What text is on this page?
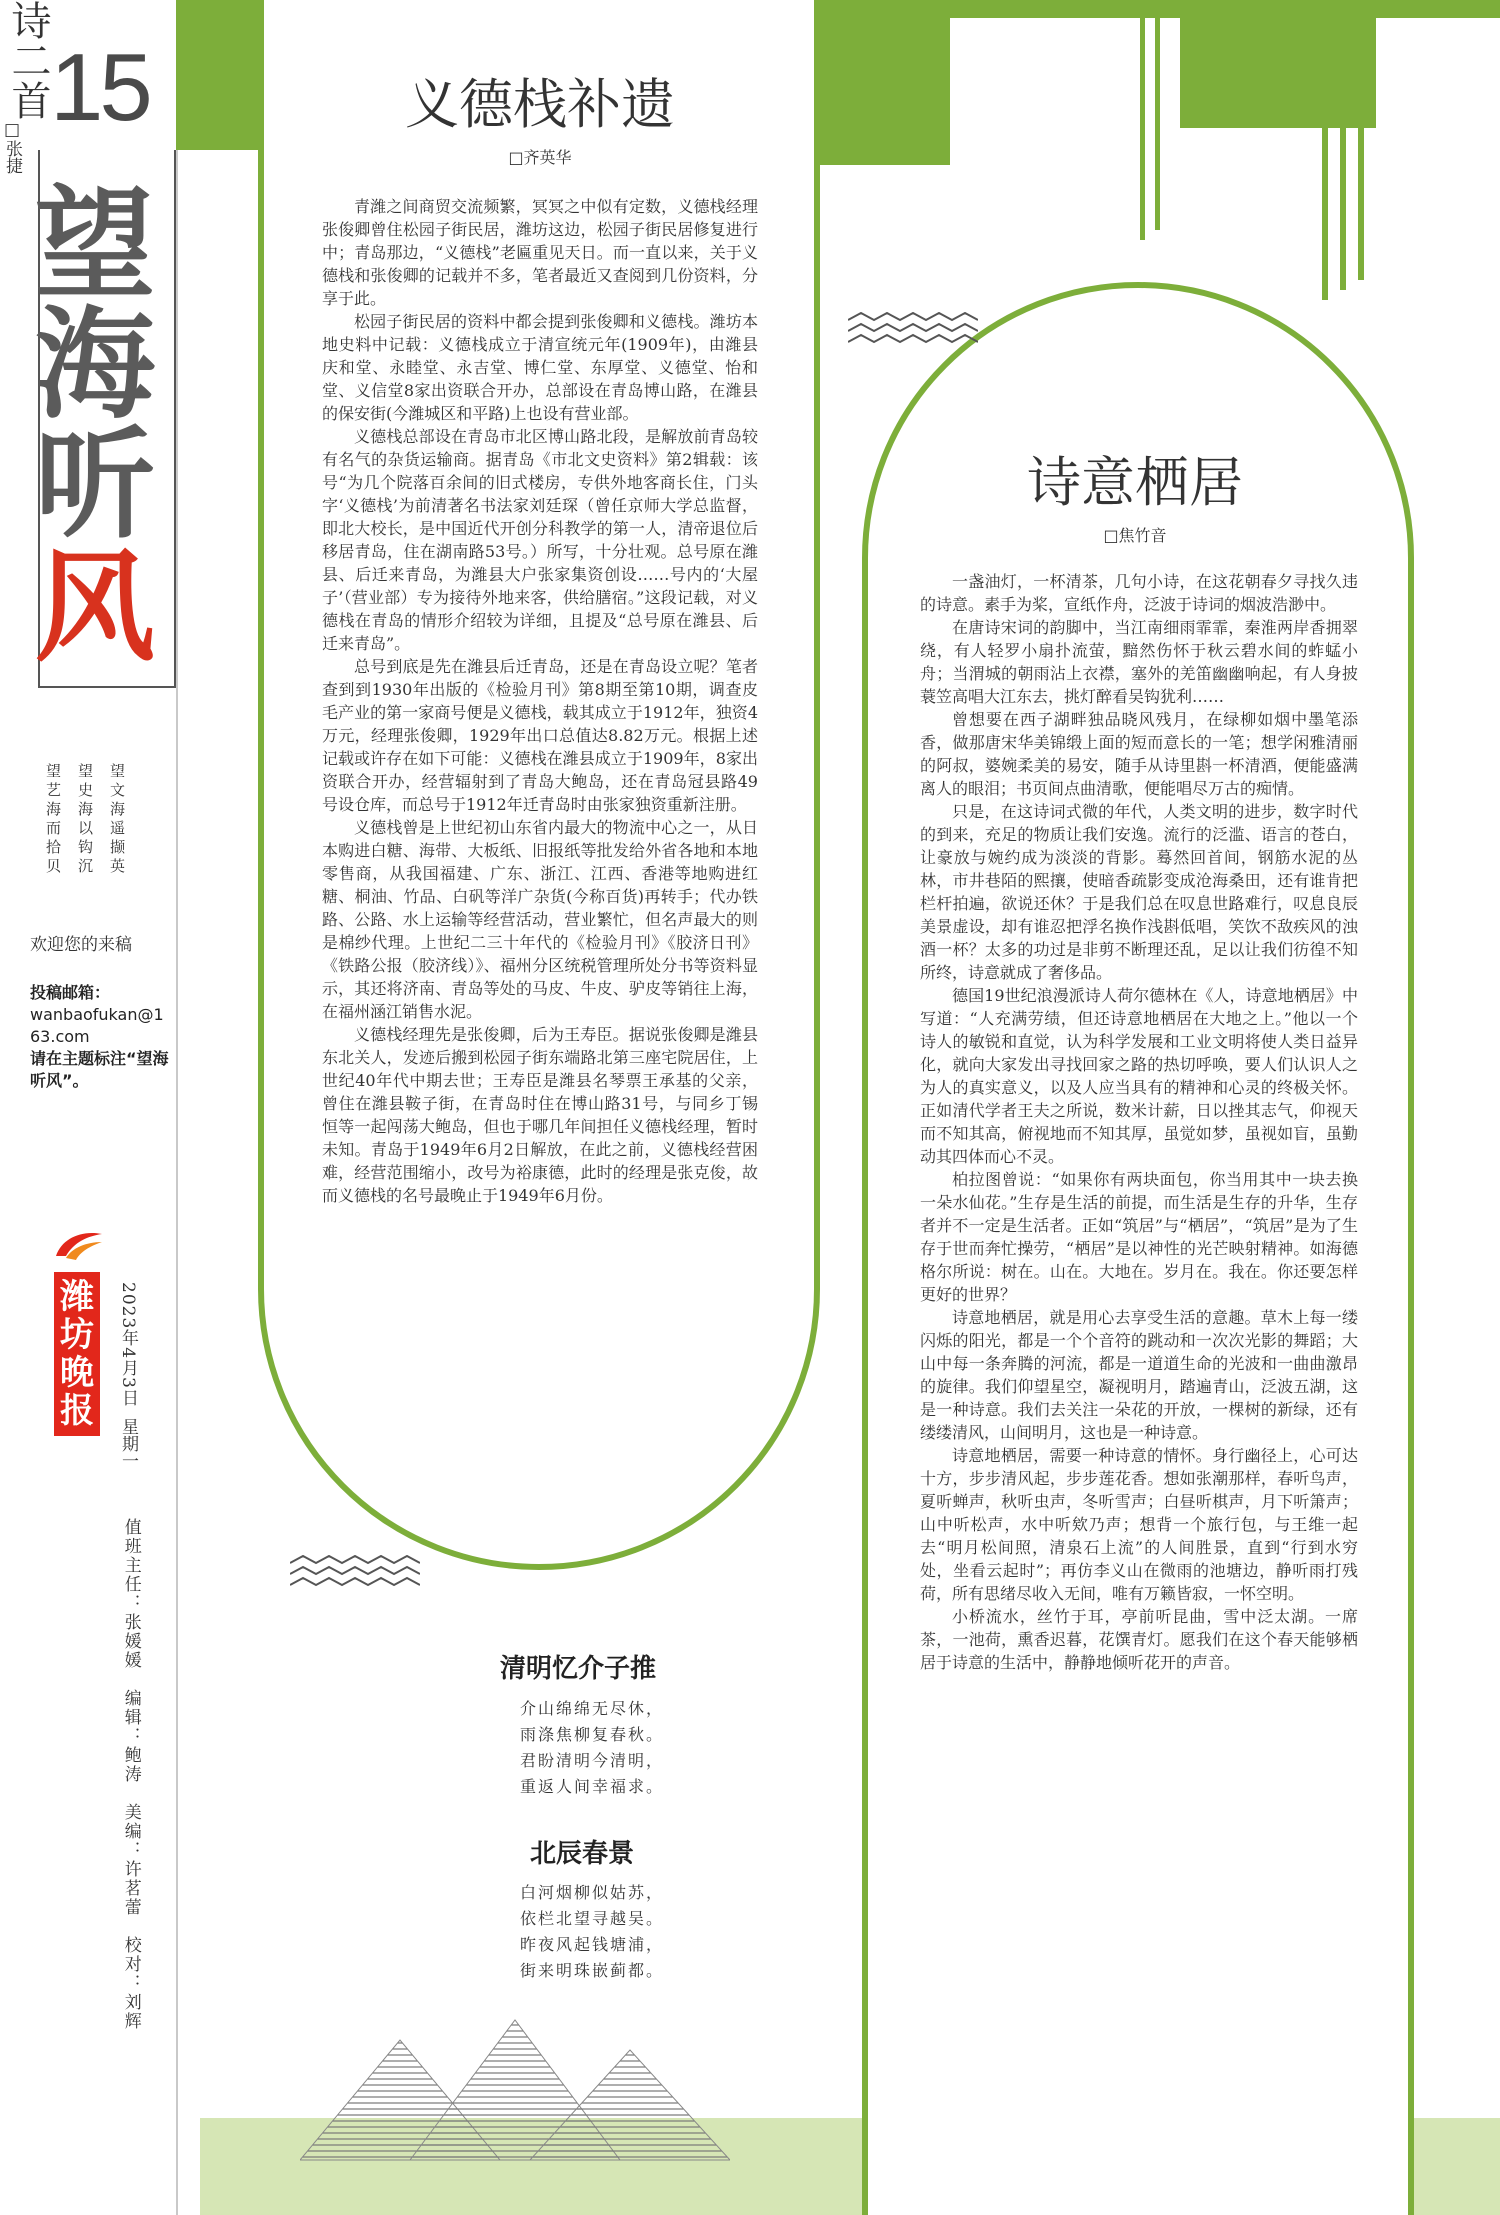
15
望
海
听
风
望文海遥撷英
望史海以钩沉
望艺海而拾贝
欢迎您的来稿
投稿邮箱：
wanbaofukan@163.com
请在主题标注“望海听风”。
潍坊晚报
2023年4月3日
星期一
值班主任：张媛媛　编辑：鲍涛　美编：许茗蕾　校对：刘辉
义德栈补遗
□齐英华

青潍之间商贸交流频繁，冥冥之中似有定数，义德栈经理张俊卿曾住松园子街民居，潍坊这边，松园子街民居修复进行中；青岛那边，“义德栈”老匾重见天日。而一直以来，关于义德栈和张俊卿的记载并不多，笔者最近又查阅到几份资料，分享于此。

松园子街民居的资料中都会提到张俊卿和义德栈。潍坊本地史料中记载：义德栈成立于清宣统元年(1909年)，由潍县庆和堂、永睦堂、永吉堂、博仁堂、东厚堂、义德堂、怡和堂、义信堂8家出资联合开办，总部设在青岛博山路，在潍县的保安街(今潍城区和平路)上也设有营业部。

义德栈总部设在青岛市北区博山路北段，是解放前青岛较有名气的杂货运输商。据青岛《市北文史资料》第2辑载：该号“为几个院落百余间的旧式楼房，专供外地客商长住，门头字‘义德栈’为前清著名书法家刘廷琛（曾任京师大学总监督，即北大校长，是中国近代开创分科教学的第一人，清帝退位后移居青岛，住在湖南路53号。）所写，十分壮观。总号原在潍县、后迁来青岛，为潍县大户张家集资创设……号内的‘大屋子’（营业部）专为接待外地来客，供给膳宿。”这段记载，对义德栈在青岛的情形介绍较为详细，且提及“总号原在潍县、后迁来青岛”。

总号到底是先在潍县后迁青岛，还是在青岛设立呢？笔者查到到1930年出版的《检验月刊》第8期至第10期，调查皮毛产业的第一家商号便是义德栈，载其成立于1912年，独资4万元，经理张俊卿，1929年出口总值达8.82万元。根据上述记载或许存在如下可能：义德栈在潍县成立于1909年，8家出资联合开办，经营辐射到了青岛大鲍岛，还在青岛冠县路49号设仓库，而总号于1912年迁青岛时由张家独资重新注册。

义德栈曾是上世纪初山东省内最大的物流中心之一，从日本购进白糖、海带、大板纸、旧报纸等批发给外省各地和本地零售商，从我国福建、广东、浙江、江西、香港等地购进红糖、桐油、竹品、白矾等洋广杂货(今称百货)再转手；代办铁路、公路、水上运输等经营活动，营业繁忙，但名声最大的则是棉纱代理。上世纪二三十年代的《检验月刊》《胶济日刊》《铁路公报（胶济线）》、福州分区统税管理所处分书等资料显示，其还将济南、青岛等处的马皮、牛皮、驴皮等销往上海，在福州涵江销售水泥。

义德栈经理先是张俊卿，后为王寿臣。据说张俊卿是潍县东北关人，发迹后搬到松园子街东端路北第三座宅院居住，上世纪40年代中期去世；王寿臣是潍县名琴票王承基的父亲，曾住在潍县鞍子街，在青岛时住在博山路31号，与同乡丁锡恒等一起闯荡大鲍岛，但也于哪几年间担任义德栈经理，暂时未知。青岛于1949年6月2日解放，在此之前，义德栈经营困难，经营范围缩小，改号为裕康德，此时的经理是张克俊，故而义德栈的名号最晚止于1949年6月份。

诗意栖居
□焦竹音

一盏油灯，一杯清茶，几句小诗，在这花朝春夕寻找久违的诗意。素手为桨，宣纸作舟，泛波于诗词的烟波浩渺中。

在唐诗宋词的韵脚中，当江南细雨霏霏，秦淮两岸香拥翠绕，有人轻罗小扇扑流萤，黯然伤怀于秋云碧水间的蚱蜢小舟；当渭城的朝雨沾上衣襟，塞外的羌笛幽幽响起，有人身披蓑笠高唱大江东去，挑灯醉看吴钩犹利……

曾想要在西子湖畔独品晓风残月，在绿柳如烟中墨笔添香，做那唐宋华美锦缎上面的短而意长的一笔；想学闲雅清丽的阿叔，婆婉柔美的易安，随手从诗里斟一杯清酒，便能盛满离人的眼泪；书页间点曲清歌，便能唱尽万古的痴情。

只是，在这诗词式微的年代，人类文明的进步，数字时代的到来，充足的物质让我们安逸。流行的泛滥、语言的苍白，让豪放与婉约成为淡淡的背影。蓦然回首间，钢筋水泥的丛林，市井巷陌的熙攘，使暗香疏影变成沧海桑田，还有谁肯把栏杆拍遍，欲说还休？于是我们总在叹息世路难行，叹息良辰美景虚设，却有谁忍把浮名换作浅斟低唱，笑饮不敌疾风的浊酒一杯？太多的功过是非剪不断理还乱，足以让我们彷徨不知所终，诗意就成了奢侈品。

德国19世纪浪漫派诗人荷尔德林在《人，诗意地栖居》中写道：“人充满劳绩，但还诗意地栖居在大地之上。”他以一个诗人的敏锐和直觉，认为科学发展和工业文明将使人类日益异化，就向大家发出寻找回家之路的热切呼唤，要人们认识人之为人的真实意义，以及人应当具有的精神和心灵的终极关怀。正如清代学者王夫之所说，数米计薪，日以挫其志气，仰视天而不知其高，俯视地而不知其厚，虽觉如梦，虽视如盲，虽勤动其四体而心不灵。

柏拉图曾说：“如果你有两块面包，你当用其中一块去换一朵水仙花。”生存是生活的前提，而生活是生存的升华，生存者并不一定是生活者。正如“筑居”与“栖居”，“筑居”是为了生存于世而奔忙操劳，“栖居”是以神性的光芒映射精神。如海德格尔所说：树在。山在。大地在。岁月在。我在。你还要怎样更好的世界？

诗意地栖居，就是用心去享受生活的意趣。草木上每一缕闪烁的阳光，都是一个个音符的跳动和一次次光影的舞蹈；大山中每一条奔腾的河流，都是一道道生命的光波和一曲曲激昂的旋律。我们仰望星空，凝视明月，踏遍青山，泛波五湖，这是一种诗意。我们去关注一朵花的开放，一棵树的新绿，还有缕缕清风，山间明月，这也是一种诗意。

诗意地栖居，需要一种诗意的情怀。身行幽径上，心可达十方，步步清风起，步步莲花香。想如张潮那样，春听鸟声，夏听蝉声，秋听虫声，冬听雪声；白昼听棋声，月下听箫声；山中听松声，水中听欸乃声；想背一个旅行包，与王维一起去“明月松间照，清泉石上流”的人间胜景，直到“行到水穷处，坐看云起时”；再仿李义山在微雨的池塘边，静听雨打残荷，所有思绪尽收入无间，唯有万籁皆寂，一怀空明。

小桥流水，丝竹于耳，亭前听昆曲，雪中泛太湖。一席茶，一池荷，熏香迟暮，花馔青灯。愿我们在这个春天能够栖居于诗意的生活中，静静地倾听花开的声音。

诗二首
□张捷
清明忆介子推
介山绵绵无尽休，
雨涤焦柳复春秋。
君盼清明今清明，
重返人间幸福求。
北辰春景
白河烟柳似姑苏，
依栏北望寻越吴。
昨夜风起钱塘浦，
街来明珠嵌蓟都。
